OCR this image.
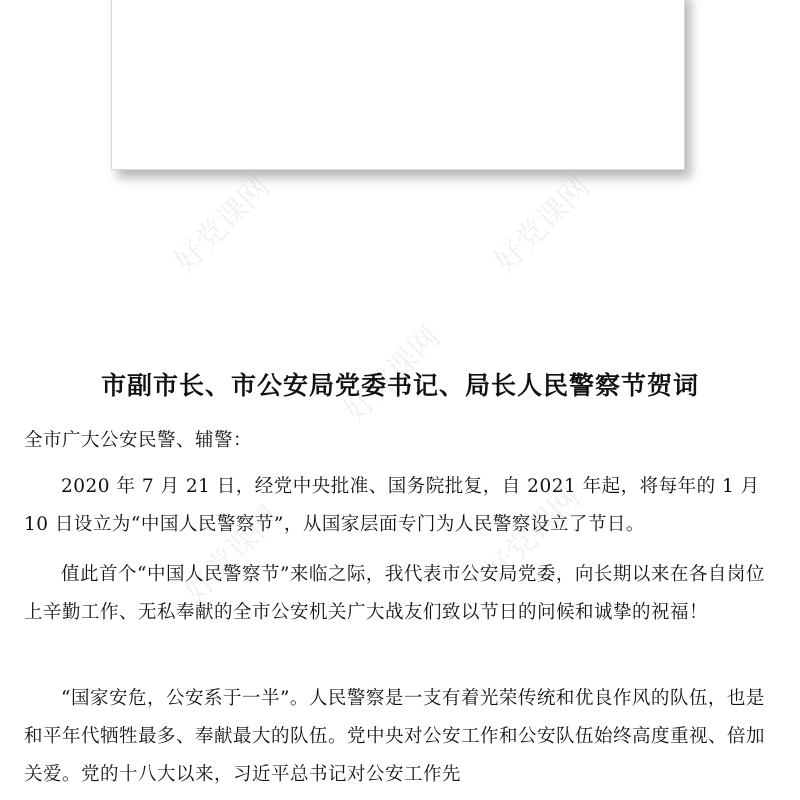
好党课网	好党课网
好党课网
好党课网	好党课网
市副市长、市公安局党委书记、局长人民警察节贺词

全市广大公安民警、辅警：

2020 年 7 月 21 日，经党中央批准、国务院批复，自 2021 年起，将每年的 1 月 10 日设立为“中国人民警察节”，从国家层面专门为人民警察设立了节日。

值此首个“中国人民警察节”来临之际，我代表市公安局党委，向长期以来在各自岗位上辛勤工作、无私奉献的全市公安机关广大战友们致以节日的问候和诚挚的祝福！

“国家安危，公安系于一半”。人民警察是一支有着光荣传统和优良作风的队伍，也是和平年代牺牲最多、奉献最大的队伍。党中央对公安工作和公安队伍始终高度重视、倍加关爱。党的十八大以来，习近平总书记对公安工作先
